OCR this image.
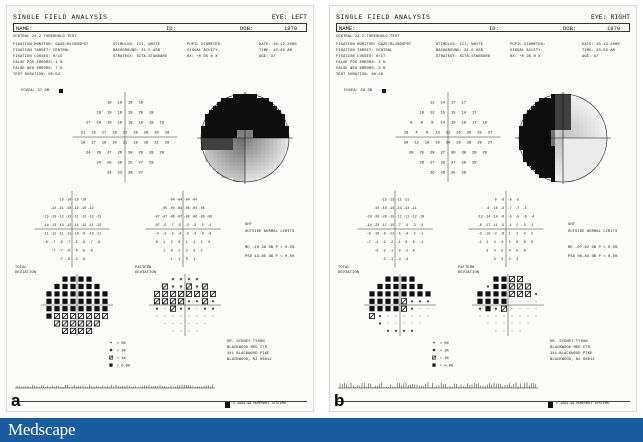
SINGLE FIELD ANALYSIS	EYE: LEFT
NAME:	ID:	DOB:	1970
CENTRAL 24-2 THRESHOLD TEST
FIXATION MONITOR: GAZE/BLINDSPOT
FIXATION TARGET: CENTRAL
FIXATION LOSSES: 0/15
FALSE POS ERRORS: 1 %
FALSE NEG ERRORS: 7 %
TEST DURATION: 05:54
STIMULUS: III, WHITE
BACKGROUND: 31.5 ASB
STRATEGY: SITA-STANDARD
PUPIL DIAMETER:
VISUAL ACUITY:
RX: +0 DS 0 X
DATE: 10-12-2000
TIME: 10:46 AM
AGE: 37
FOVEA: 37 DB
18 18 19 18
18 19 18 19 20 18
17 19 19 16 18 19 18 19
21 16 17 18 21 19 20 20 18
19 17 19 20 21 18 18 21 19
24 26 27 26 30 29 28 29
24 25 26 25 27 28
24 23 28 27
-10 -10 -10 -10
-12 -11 -10 -12 -10 -12
-15 -13 -12 -13 -11 -12 -12 -13
-14 -13 -13 -12 -11 -12 -11 -12
-11 -12 -11 -11 -10 -9 -13 -11
-8 -7 -6 -7 -5 -6 -7 -6
-7 -7 -6 -6 -5 -6
-7 -6 -5 -6
-04 -04 -04 -04
-05 -04 -04 -05 -04 -05
-07 -07 -06 -07 -05 -06 -05 -06
-07 -5 -7 -5 -4 -3 -5 -4
-4 -2 -5 -4 -3 -2 -3 -3
0 1 2 0 1 1 1 0
1 0 1 2 0 1
1 1 0 1
GHT
OUTSIDE NORMAL LIMITS
MD -10.38 DB P < 0.5%
PSD 13.85 DB P < 0.5%
TOTAL DEVIATION
PATTERN DEVIATION
< 5%
< 2%
< 1%
< 0.5%
DR. SYDNEY TYSON
BLACKWOOD MED CTR
341 BLACKWOOD PIKE
BLACKWOOD, NJ 08012
© 1994-98 HUMPHREY SYSTEMS
a
SINGLE FIELD ANALYSIS	EYE: RIGHT
NAME:	ID:	DOB:	1970
CENTRAL 24-2 THRESHOLD TEST
FIXATION MONITOR: GAZE/BLINDSPOT
FIXATION TARGET: CENTRAL
FIXATION LOSSES: 0/17
FALSE POS ERRORS: 3 %
FALSE NEG ERRORS: 2 %
TEST DURATION: 06:16
STIMULUS: III, WHITE
BACKGROUND: 31.5 ASB
STRATEGY: SITA-STANDARD
PUPIL DIAMETER:
VISUAL ACUITY:
RX: +0 DS 0 X
DATE: 10-12-2000
TIME: 10:59 AM
AGE: 37
FOVEA: 39 DB
12 14 17 17
18 12 15 15 14 17
8 9 9 14 18 19 17 19
18 4 9 13 21 26 26 25 27
20 12 19 16 24 26 28 29 27
20 25 28 27 30 30 29 29
26 27 28 27 28 29
26 26 25 26
-15 -13 -11 -11
-10 -16 -14 -13 -13 -11
-19 -20 -20 -15 -11 -11 -12 -10
-14 -23 -17 -15 -7 -4 -3 -4
-9 -16 -9 -12 -5 -4 -2 -1
-7 -4 -2 -2 -1 0 0 -1
-3 -2 -1 -2 -1 0
-3 -3 -4 -3
-9 -8 -5 -5
-4 -10 -8 -7 -7 -5
-13 -14 -14 -9 -5 -5 -6 -4
-8 -17 -11 -9 -1 2 3 2
-3 -10 -3 -6 1 2 4 5
-1 2 4 4 5 6 6 5
3 4 5 4 5 6
3 3 2 3
GHT
OUTSIDE NORMAL LIMITS
MD -07.62 DB P < 0.5%
PSD 08.84 DB P < 0.5%
TOTAL DEVIATION
PATTERN DEVIATION
< 5%
< 2%
< 1%
< 0.5%
DR. SYDNEY TYSON
BLACKWOOD MED CTR
341 BLACKWOOD PIKE
BLACKWOOD, NJ 08012
© 1994-98 HUMPHREY SYSTEMS
b
Medscape
